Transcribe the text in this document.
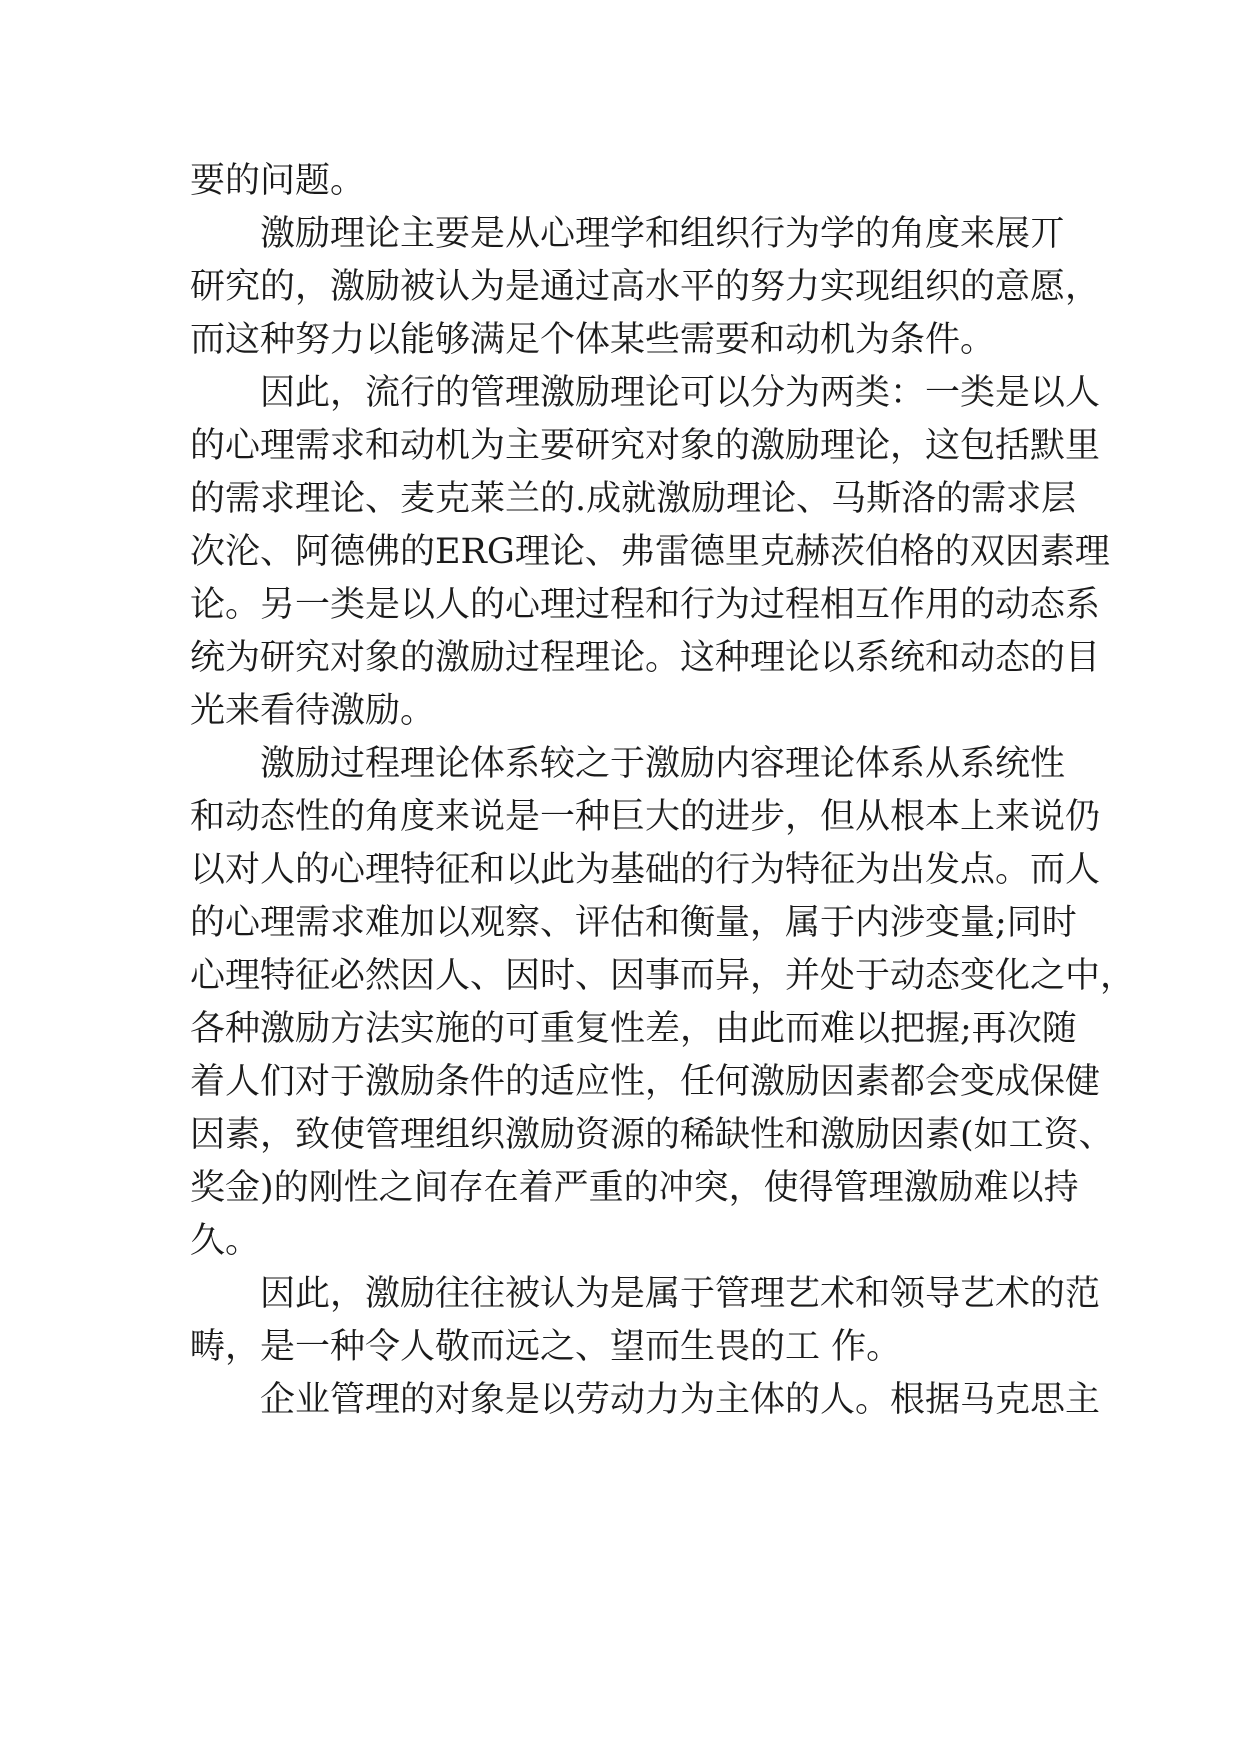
要的问题。
激励理论主要是从心理学和组织行为学的角度来展丌
研究的，激励被认为是通过高水平的努力实现组织的意愿，
而这种努力以能够满足个体某些需要和动机为条件。
因此，流行的管理激励理论可以分为两类：一类是以人
的心理需求和动机为主要研究对象的激励理论，这包括默里
的需求理论、麦克莱兰的.成就激励理论、马斯洛的需求层
次沦、阿德佛的ERG理论、弗雷德里克赫茨伯格的双因素理
论。另一类是以人的心理过程和行为过程相互作用的动态系
统为研究对象的激励过程理论。这种理论以系统和动态的目
光来看待激励。
激励过程理论体系较之于激励内容理论体系从系统性
和动态性的角度来说是一种巨大的进步，但从根本上来说仍
以对人的心理特征和以此为基础的行为特征为出发点。而人
的心理需求难加以观察、评估和衡量，属于内涉变量;同时
心理特征必然因人、因时、因事而异，并处于动态变化之中，
各种激励方法实施的可重复性差，由此而难以把握;再次随
着人们对于激励条件的适应性，任何激励因素都会变成保健
因素，致使管理组织激励资源的稀缺性和激励因素(如工资、
奖金)的刚性之间存在着严重的冲突，使得管理激励难以持
久。
因此，激励往往被认为是属于管理艺术和领导艺术的范
畴，是一种令人敬而远之、望而生畏的工 作。
企业管理的对象是以劳动力为主体的人。根据马克思主
